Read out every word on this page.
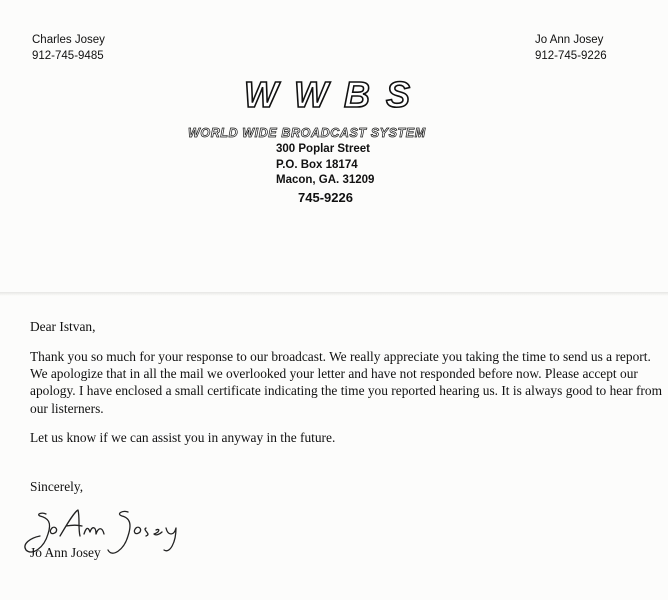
Charles Josey
912-745-9485
Jo Ann Josey
912-745-9226
WWBS
WORLD WIDE BROADCAST SYSTEM
300 Poplar Street
P.O. Box 18174
Macon, GA. 31209
745-9226
Dear Istvan,
Thank you so much for your response to our broadcast. We really appreciate you taking the time to send us a report. We apologize that in all the mail we overlooked your letter and have not responded before now. Please accept our apology. I have enclosed a small certificate indicating the time you reported hearing us. It is always good to hear from our listerners.
Let us know if we can assist you in anyway in the future.
Sincerely,
Jo Ann Josey
